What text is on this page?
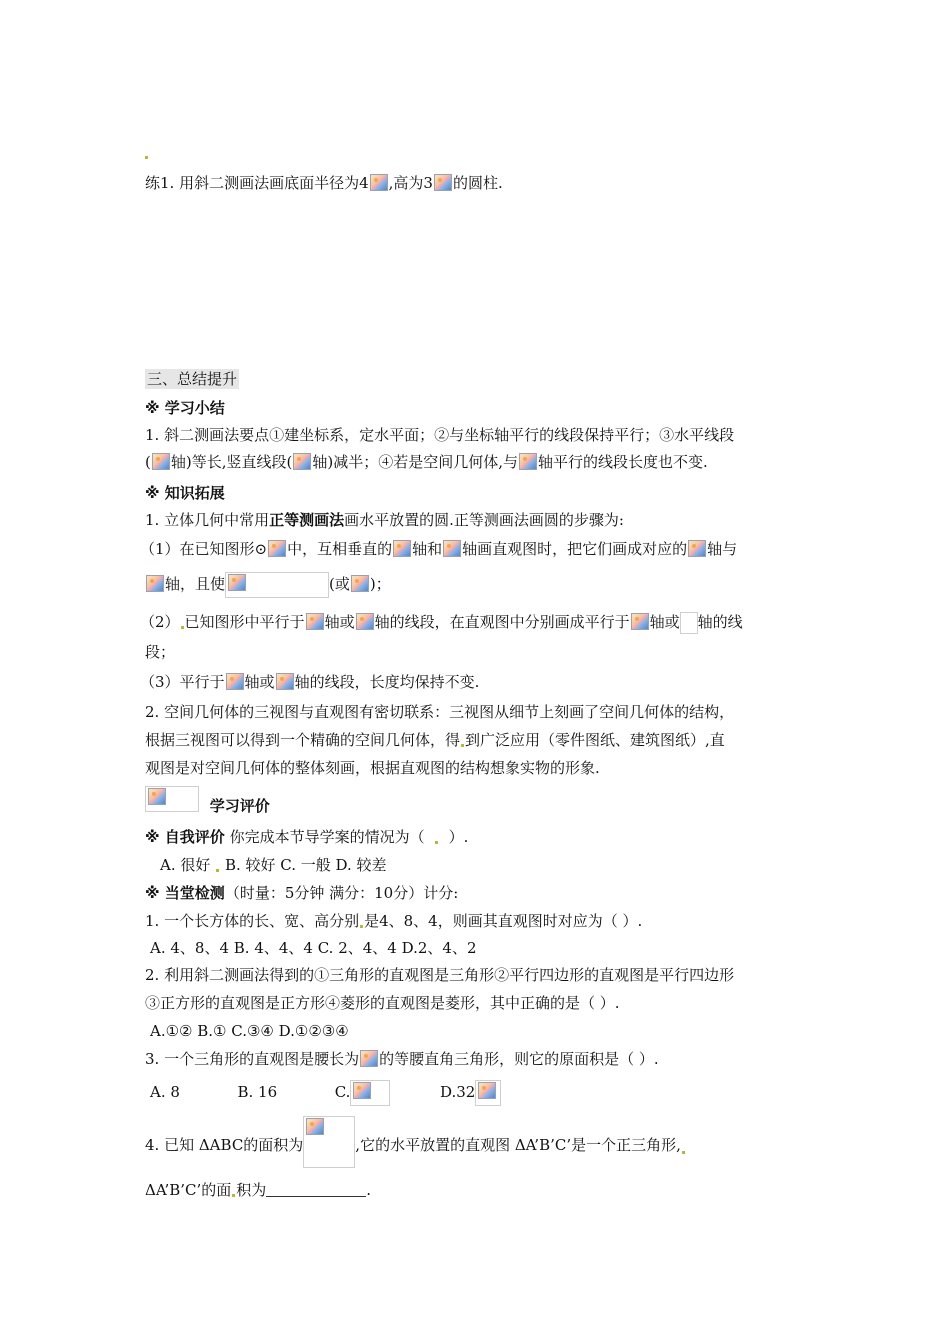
练1. 用斜二测画法画底面半径为4 ,高为3 的圆柱.
三、总结提升
※ 学习小结
1. 斜二测画法要点①建坐标系，定水平面；②与坐标轴平行的线段保持平行；③水平线段
( 轴)等长,竖直线段( 轴)减半；④若是空间几何体,与 轴平行的线段长度也不变.
※ 知识拓展
1. 立体几何中常用正等测画法画水平放置的圆.正等测画法画圆的步骤为:
（1）在已知图形⊙ 中，互相垂直的 轴和 轴画直观图时，把它们画成对应的 轴与
轴，且使	(或 )；
（2） 已知图形中平行于 轴或 轴的线段，在直观图中分别画成平行于 轴或 轴的线
段；
（3）平行于 轴或 轴的线段，长度均保持不变.
2. 空间几何体的三视图与直观图有密切联系：三视图从细节上刻画了空间几何体的结构，
根据三视图可以得到一个精确的空间几何体，得 到广泛应用（零件图纸、建筑图纸）,直
观图是对空间几何体的整体刻画，根据直观图的结构想象实物的形象.
学习评价
※ 自我评价 你完成本节导学案的情况为（ ）.
A. 很好 B. 较好 C. 一般 D. 较差
※ 当堂检测（时量：5分钟 满分：10分）计分:
1. 一个长方体的长、宽、高分别 是4、8、4，则画其直观图时对应为（ ）.
A. 4、8、4 B. 4、4、4 C. 2、4、4 D.2、4、2
2. 利用斜二测画法得到的①三角形的直观图是三角形②平行四边形的直观图是平行四边形
③正方形的直观图是正方形④菱形的直观图是菱形，其中正确的是（ ）.
A.①② B.① C.③④ D.①②③④
3. 一个三角形的直观图是腰长为 的等腰直角三角形，则它的原面积是（ ）.
A. 8	B. 16	C.	D.32
4. 已知 ΔABC的面积为	,它的水平放置的直观图 ΔA’B’C’是一个正三角形,
ΔA’B’C’的面 积为	.
